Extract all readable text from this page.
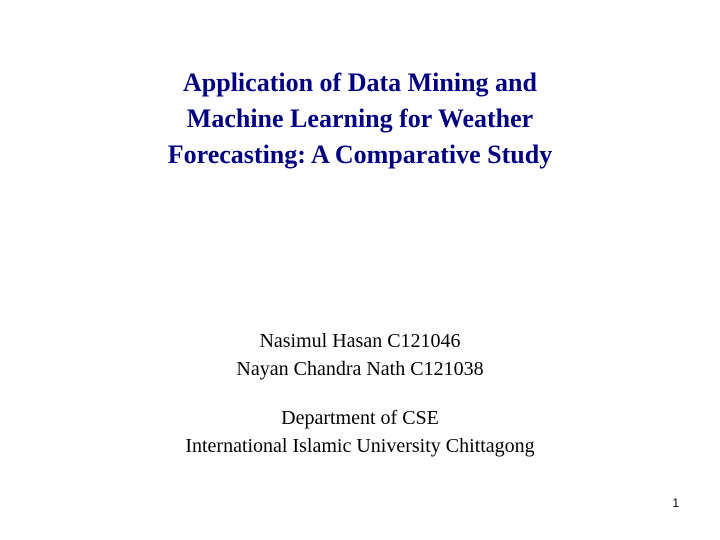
Application of Data Mining and
Machine Learning for Weather
Forecasting: A Comparative Study
Nasimul Hasan C121046
Nayan Chandra Nath C121038
Department of CSE
International Islamic University Chittagong
1
